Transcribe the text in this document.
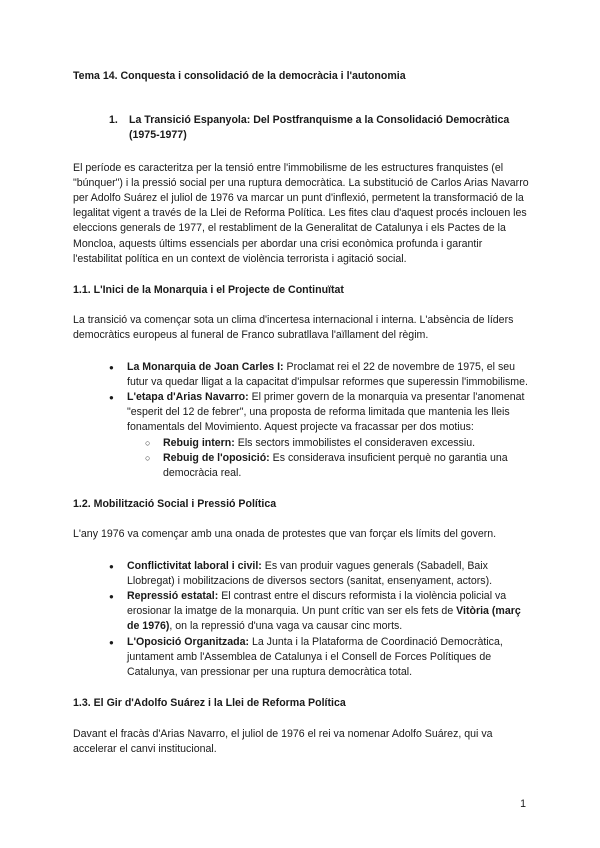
Tema 14. Conquesta i consolidació de la democràcia i l'autonomia
1. La Transició Espanyola: Del Postfranquisme a la Consolidació Democràtica (1975-1977)

El període es caracteritza per la tensió entre l'immobilisme de les estructures franquistes (el "búnquer") i la pressió social per una ruptura democràtica. La substitució de Carlos Arias Navarro per Adolfo Suárez el juliol de 1976 va marcar un punt d'inflexió, permetent la transformació de la legalitat vigent a través de la Llei de Reforma Política. Les fites clau d'aquest procés inclouen les eleccions generals de 1977, el restabliment de la Generalitat de Catalunya i els Pactes de la Moncloa, aquests últims essencials per abordar una crisi econòmica profunda i garantir l'estabilitat política en un context de violència terrorista i agitació social.

1.1. L'Inici de la Monarquia i el Projecte de Continuïtat

La transició va començar sota un clima d'incertesa internacional i interna. L'absència de líders democràtics europeus al funeral de Franco subratllava l'aïllament del règim.

● La Monarquia de Joan Carles I: Proclamat rei el 22 de novembre de 1975, el seu futur va quedar lligat a la capacitat d'impulsar reformes que superessin l'immobilisme.
● L'etapa d'Arias Navarro: El primer govern de la monarquia va presentar l'anomenat "esperit del 12 de febrer", una proposta de reforma limitada que mantenia les lleis fonamentals del Movimiento. Aquest projecte va fracassar per dos motius:
○ Rebuig intern: Els sectors immobilistes el consideraven excessiu.
○ Rebuig de l'oposició: Es considerava insuficient perquè no garantia una democràcia real.
1.2. Mobilització Social i Pressió Política

L'any 1976 va començar amb una onada de protestes que van forçar els límits del govern.

● Conflictivitat laboral i civil: Es van produir vagues generals (Sabadell, Baix Llobregat) i mobilitzacions de diversos sectors (sanitat, ensenyament, actors).
● Repressió estatal: El contrast entre el discurs reformista i la violència policial va erosionar la imatge de la monarquia. Un punt crític van ser els fets de Vitòria (març de 1976), on la repressió d'una vaga va causar cinc morts.
● L'Oposició Organitzada: La Junta i la Plataforma de Coordinació Democràtica, juntament amb l'Assemblea de Catalunya i el Consell de Forces Polítiques de Catalunya, van pressionar per una ruptura democràtica total.
1.3. El Gir d'Adolfo Suárez i la Llei de Reforma Política

Davant el fracàs d'Arias Navarro, el juliol de 1976 el rei va nomenar Adolfo Suárez, qui va accelerar el canvi institucional.

1
